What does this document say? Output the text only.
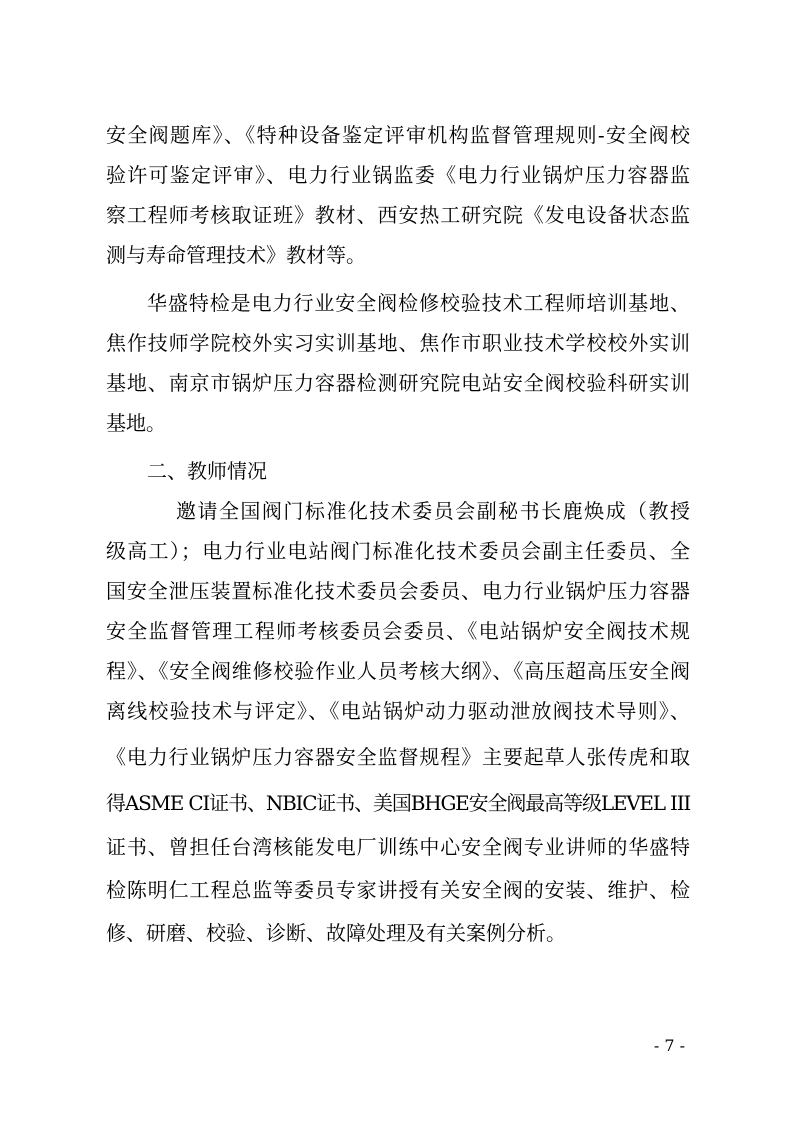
安全阀题库》、《特种设备鉴定评审机构监督管理规则-安全阀校
验许可鉴定评审》、电力行业锅监委《电力行业锅炉压力容器监
察工程师考核取证班》教材、西安热工研究院《发电设备状态监
测与寿命管理技术》教材等。
华盛特检是电力行业安全阀检修校验技术工程师培训基地、
焦作技师学院校外实习实训基地、焦作市职业技术学校校外实训
基地、南京市锅炉压力容器检测研究院电站安全阀校验科研实训
基地。
二、教师情况
邀请全国阀门标准化技术委员会副秘书长鹿焕成（教授
级高工）；电力行业电站阀门标准化技术委员会副主任委员、全
国安全泄压装置标准化技术委员会委员、电力行业锅炉压力容器
安全监督管理工程师考核委员会委员、《电站锅炉安全阀技术规
程》、《安全阀维修校验作业人员考核大纲》、《高压超高压安全阀
离线校验技术与评定》、《电站锅炉动力驱动泄放阀技术导则》、
《电力行业锅炉压力容器安全监督规程》主要起草人张传虎和取
得ASME CI证书、NBIC证书、美国BHGE安全阀最高等级LEVEL III
证书、曾担任台湾核能发电厂训练中心安全阀专业讲师的华盛特
检陈明仁工程总监等委员专家讲授有关安全阀的安装、维护、检
修、研磨、校验、诊断、故障处理及有关案例分析。
- 7 -
